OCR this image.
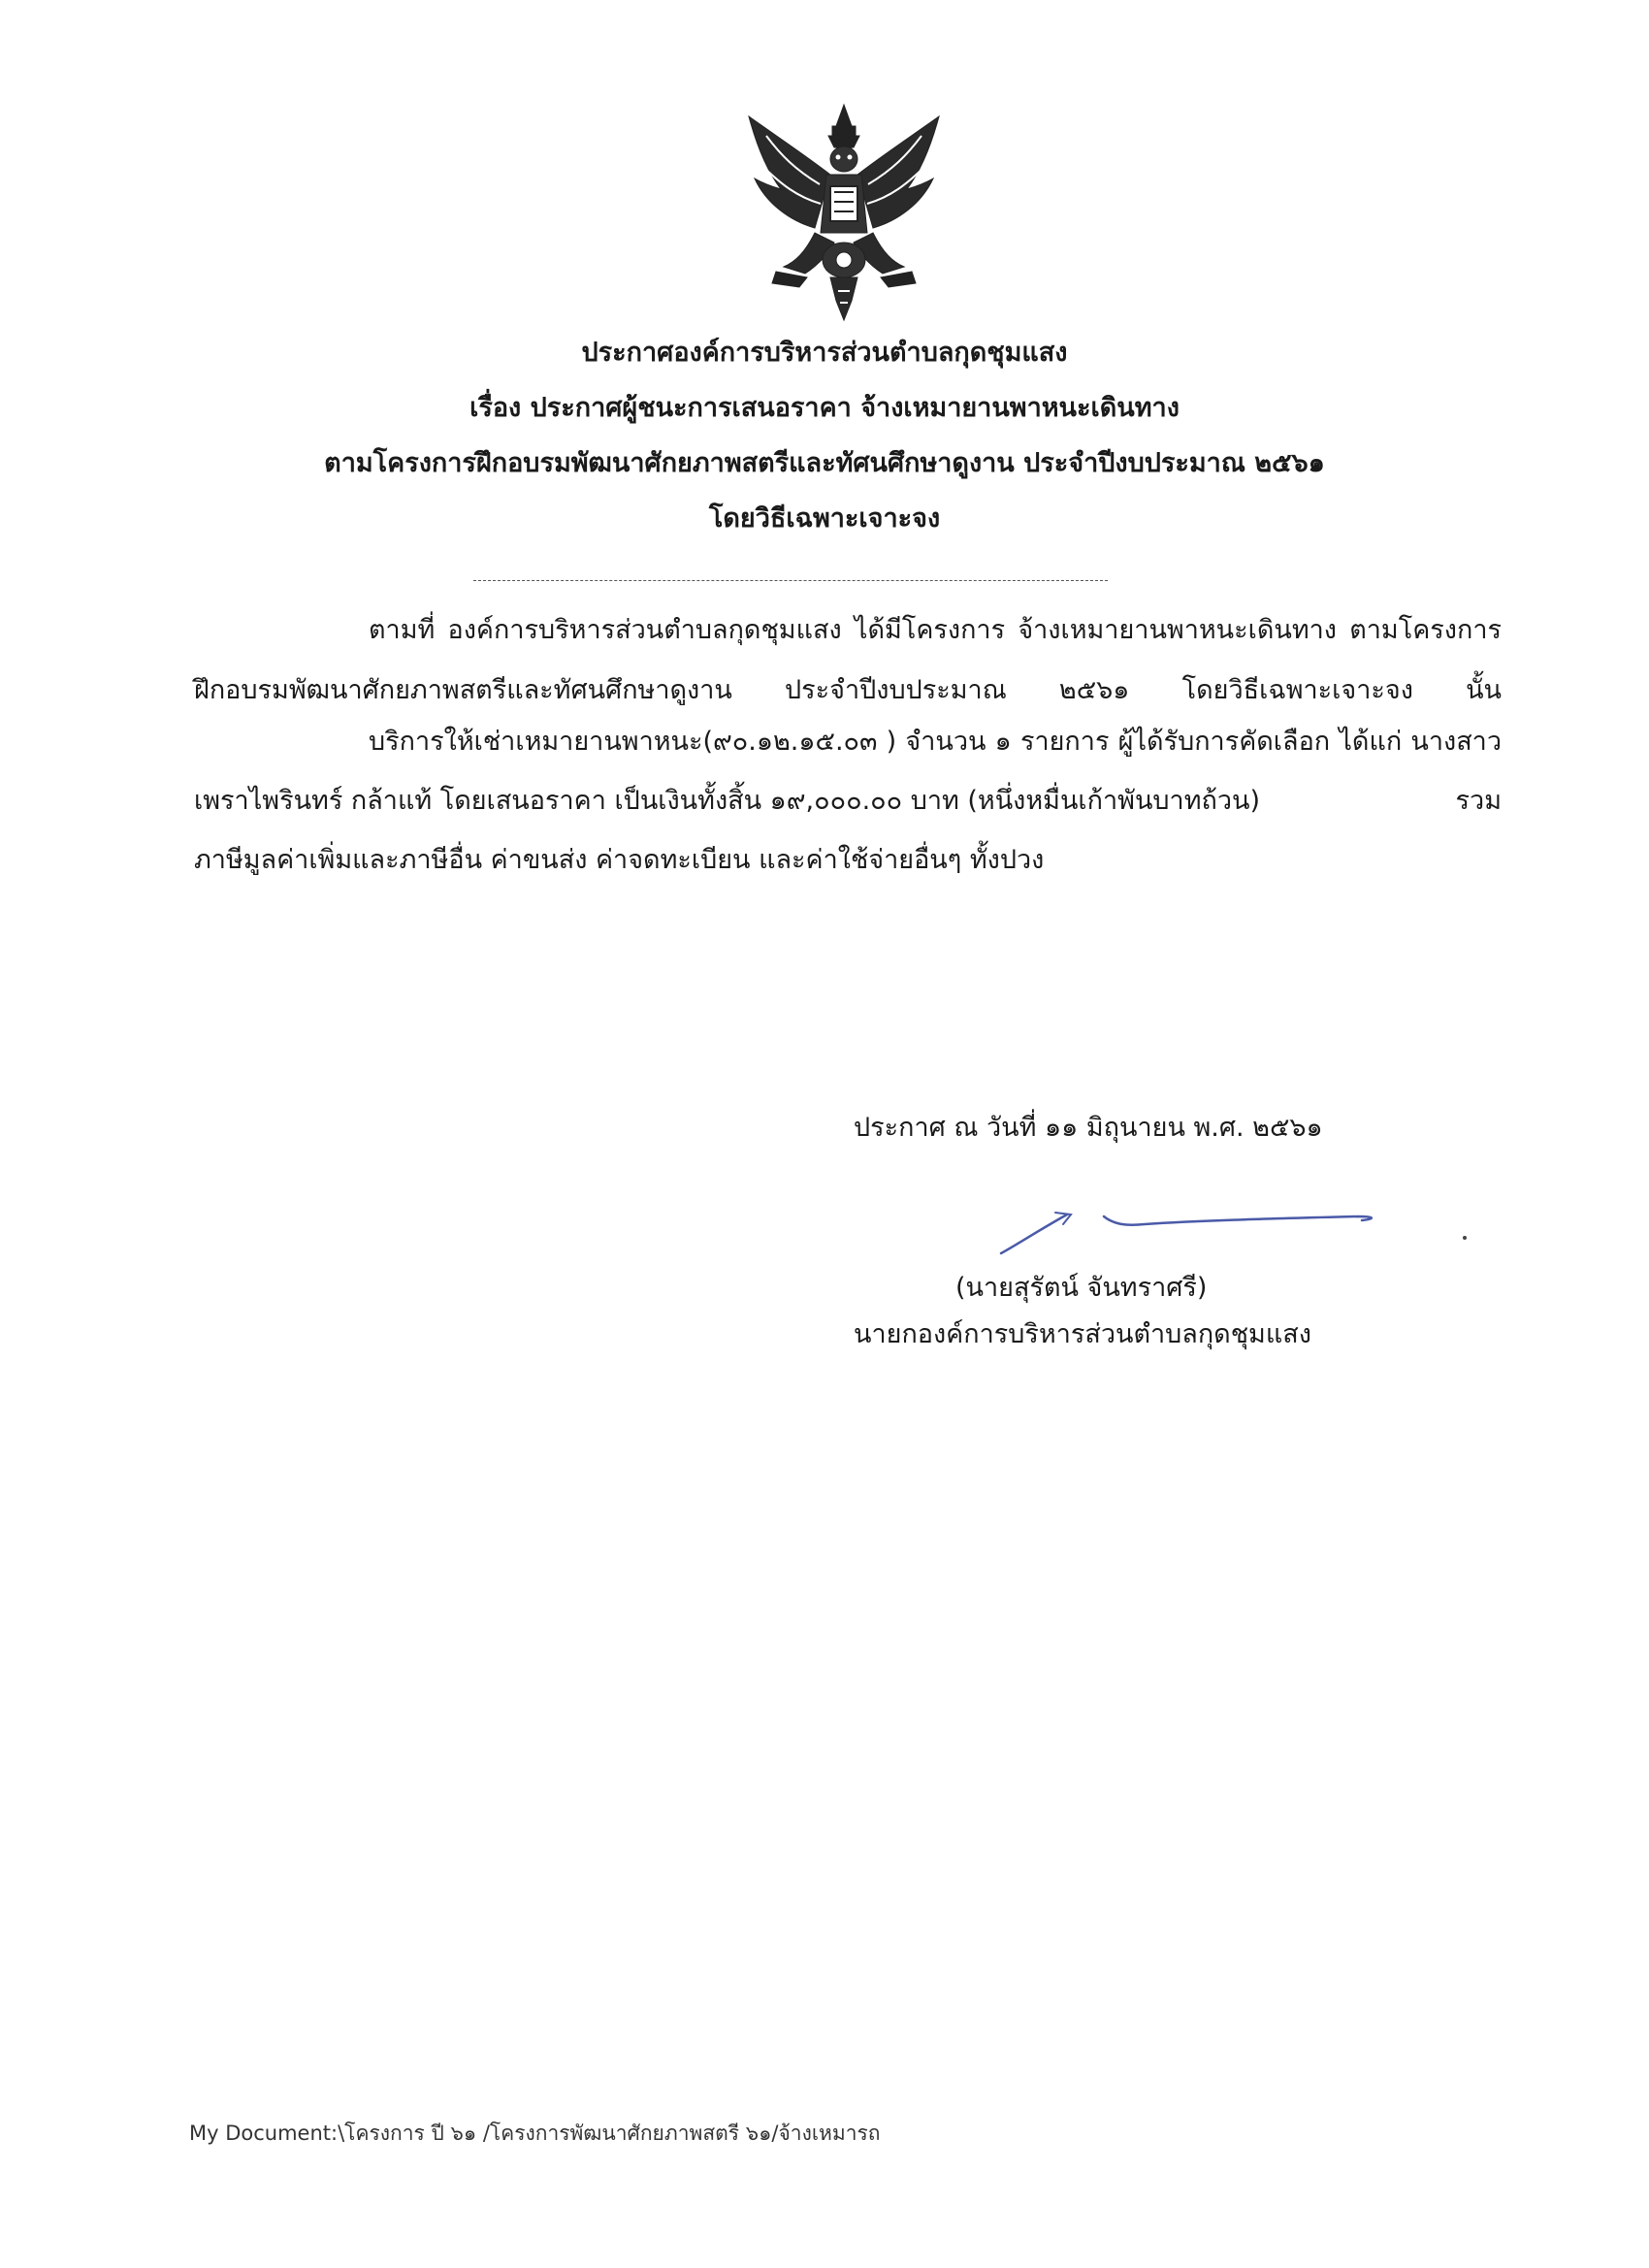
ประกาศองค์การบริหารส่วนตำบลกุดชุมแสง
เรื่อง ประกาศผู้ชนะการเสนอราคา จ้างเหมายานพาหนะเดินทาง
ตามโครงการฝึกอบรมพัฒนาศักยภาพสตรีและทัศนศึกษาดูงาน ประจำปีงบประมาณ ๒๕๖๑
โดยวิธีเฉพาะเจาะจง
ตามที่ องค์การบริหารส่วนตำบลกุดชุมแสง ได้มีโครงการ จ้างเหมายานพาหนะเดินทาง ตามโครงการ
ฝึกอบรมพัฒนาศักยภาพสตรีและทัศนศึกษาดูงาน ประจำปีงบประมาณ ๒๕๖๑ โดยวิธีเฉพาะเจาะจง นั้น
บริการให้เช่าเหมายานพาหนะ(๙๐.๑๒.๑๕.๐๓ ) จำนวน ๑ รายการ ผู้ได้รับการคัดเลือก ได้แก่ นางสาว
เพราไพรินทร์ กล้าแท้ โดยเสนอราคา เป็นเงินทั้งสิ้น ๑๙,๐๐๐.๐๐ บาท (หนึ่งหมื่นเก้าพันบาทถ้วน)	รวม
ภาษีมูลค่าเพิ่มและภาษีอื่น ค่าขนส่ง ค่าจดทะเบียน และค่าใช้จ่ายอื่นๆ ทั้งปวง
ประกาศ ณ วันที่ ๑๑ มิถุนายน พ.ศ. ๒๕๖๑
(นายสุรัตน์ จันทราศรี)
นายกองค์การบริหารส่วนตำบลกุดชุมแสง
My Document:\โครงการ ปี ๖๑ /โครงการพัฒนาศักยภาพสตรี ๖๑/จ้างเหมารถ
